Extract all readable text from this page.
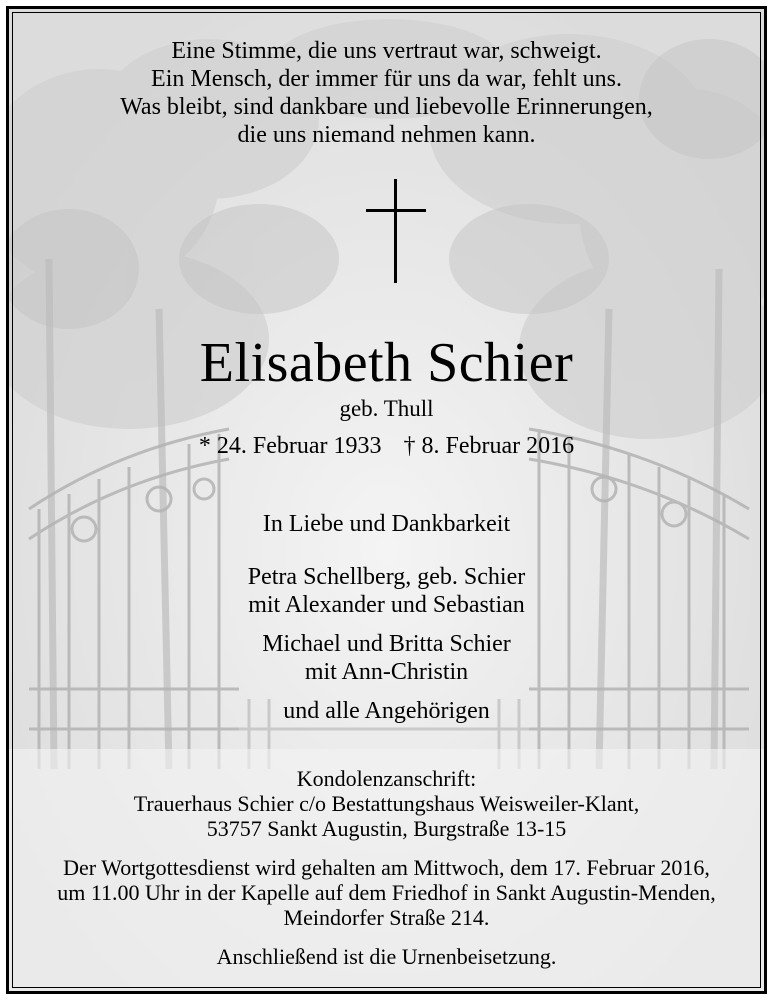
Eine Stimme, die uns vertraut war, schweigt.
Ein Mensch, der immer für uns da war, fehlt uns.
Was bleibt, sind dankbare und liebevolle Erinnerungen,
die uns niemand nehmen kann.
Elisabeth Schier
geb. Thull
* 24. Februar 1933 † 8. Februar 2016
In Liebe und Dankbarkeit
Petra Schellberg, geb. Schier
mit Alexander und Sebastian
Michael und Britta Schier
mit Ann-Christin
und alle Angehörigen
Kondolenzanschrift:
Trauerhaus Schier c/o Bestattungshaus Weisweiler-Klant,
53757 Sankt Augustin, Burgstraße 13-15
Der Wortgottesdienst wird gehalten am Mittwoch, dem 17. Februar 2016,
um 11.00 Uhr in der Kapelle auf dem Friedhof in Sankt Augustin-Menden,
Meindorfer Straße 214.
Anschließend ist die Urnenbeisetzung.
